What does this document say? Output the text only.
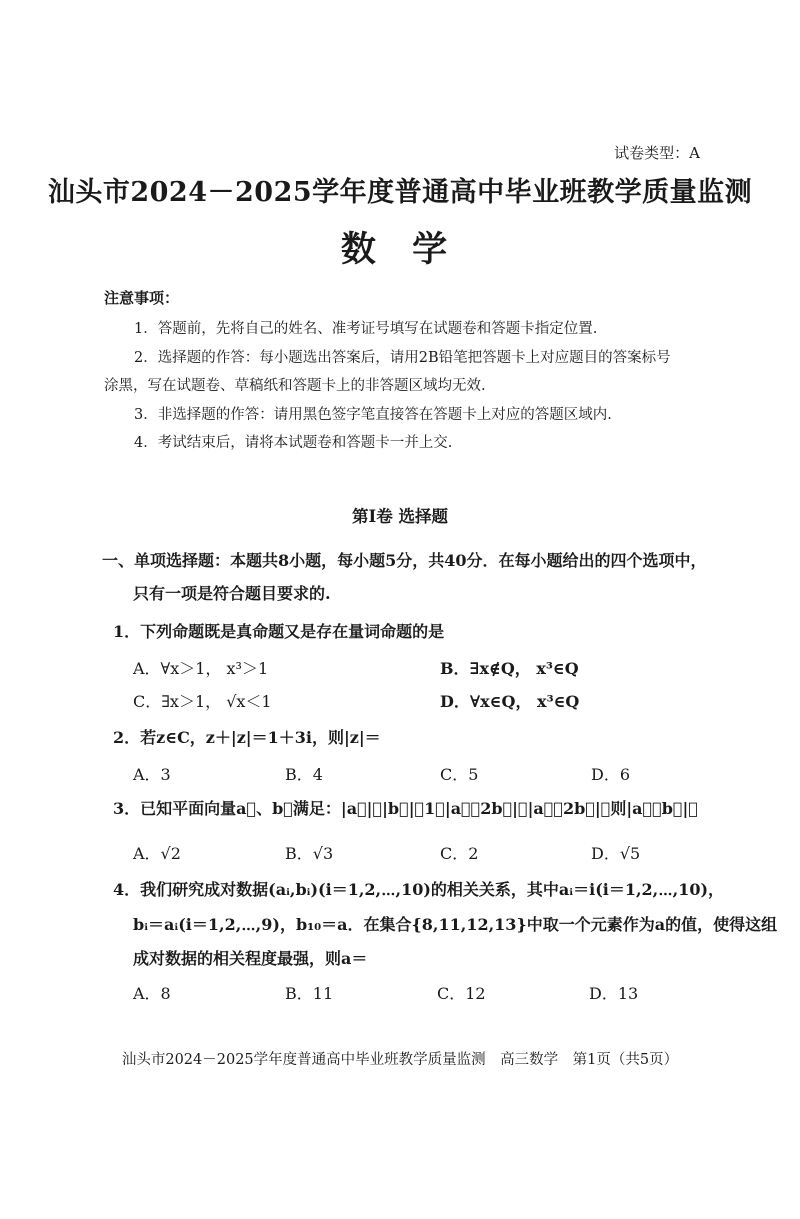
试卷类型：A
汕头市2024－2025学年度普通高中毕业班教学质量监测
数 学
注意事项：
1．答题前，先将自己的姓名、准考证号填写在试题卷和答题卡指定位置.
2．选择题的作答：每小题选出答案后，请用2B铅笔把答题卡上对应题目的答案标号
涂黑，写在试题卷、草稿纸和答题卡上的非答题区域均无效.
3．非选择题的作答：请用黑色签字笔直接答在答题卡上对应的答题区域内.
4．考试结束后，请将本试题卷和答题卡一并上交.
第Ⅰ卷 选择题
一、单项选择题：本题共8小题，每小题5分，共40分．在每小题给出的四个选项中，
只有一项是符合题目要求的.
1．下列命题既是真命题又是存在量词命题的是
A．∀x＞1， x³＞1	B．∃x∉Q， x³∈Q
C．∃x＞1， √x＜1	D．∀x∈Q， x³∈Q
2．若z∈C，z＋|z|＝1＋3i，则|z|＝
A．3	B．4	C．5	D．6
3．已知平面向量a⃗、b⃗满足：|a⃗|＝|b⃗|＝1，|a⃗－2b⃗|＝|a⃗＋2b⃗|，则|a⃗－b⃗|＝
A．√2	B．√3	C．2	D．√5
4．我们研究成对数据(aᵢ,bᵢ)(i＝1,2,⋯,10)的相关关系，其中aᵢ＝i(i＝1,2,⋯,10)，
bᵢ＝aᵢ(i＝1,2,⋯,9)，b₁₀＝a．在集合{8,11,12,13}中取一个元素作为a的值，使得这组
成对数据的相关程度最强，则a＝
A．8	B．11	C．12	D．13
汕头市2024－2025学年度普通高中毕业班教学质量监测　高三数学　第1页（共5页）
